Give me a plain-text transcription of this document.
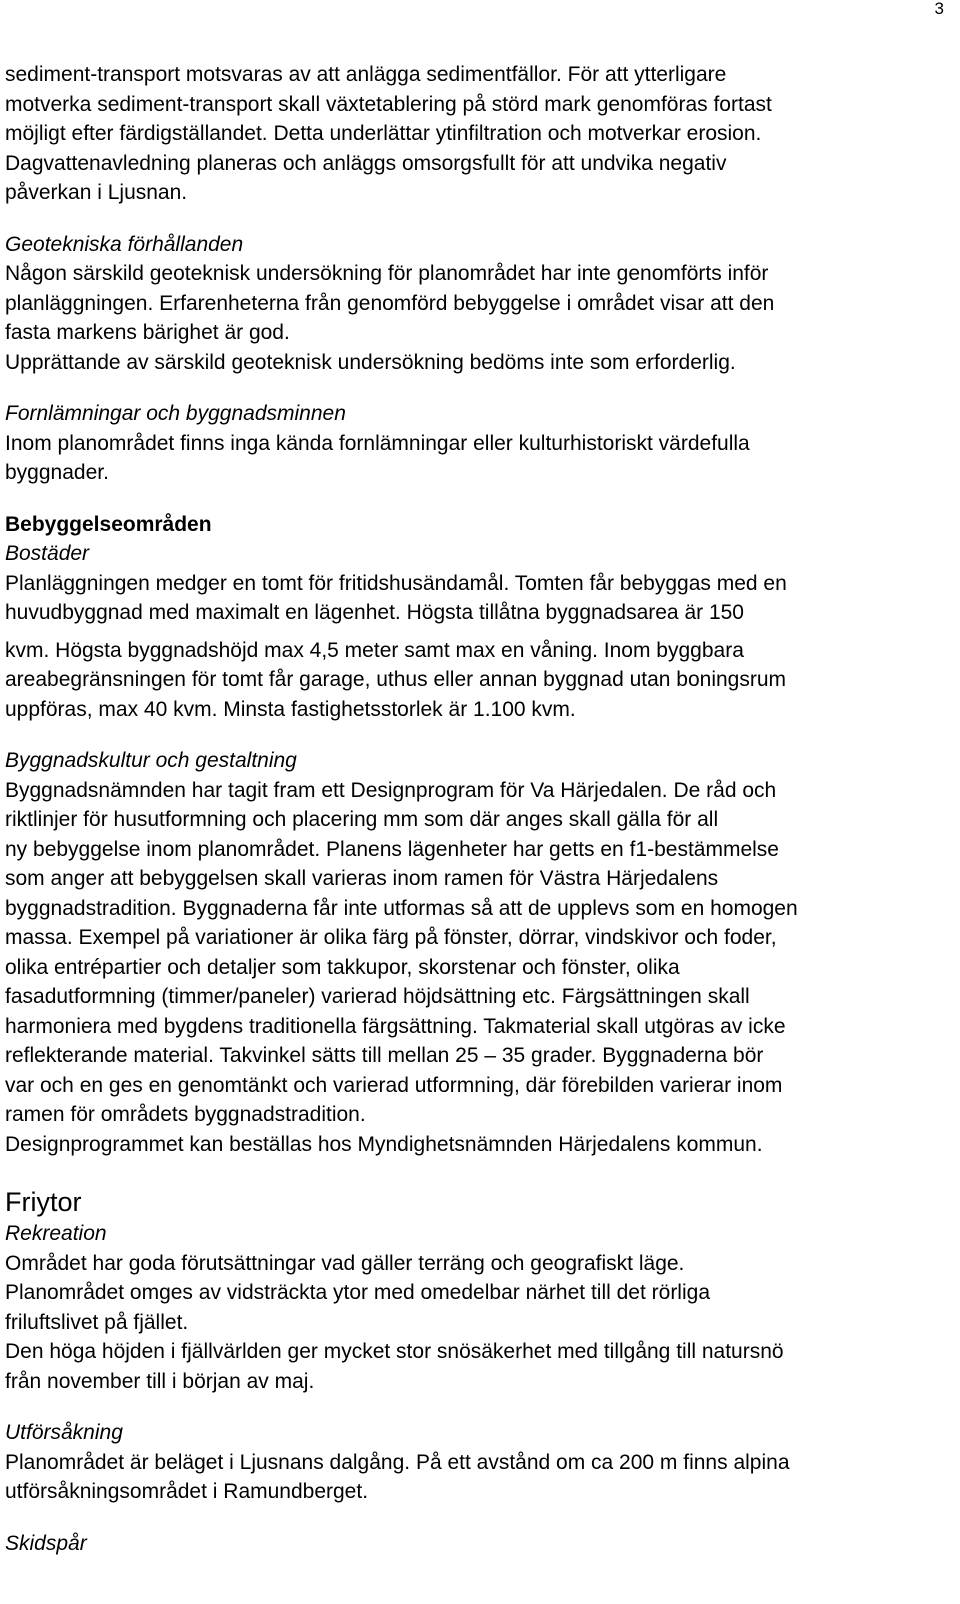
3
sediment-transport motsvaras av att anlägga sedimentfällor. För att ytterligare
motverka sediment-transport skall växtetablering på störd mark genomföras fortast
möjligt efter färdigställandet. Detta underlättar ytinfiltration och motverkar erosion.
Dagvattenavledning planeras och anläggs omsorgsfullt för att undvika negativ
påverkan i Ljusnan.
Geotekniska förhållanden
Någon särskild geoteknisk undersökning för planområdet har inte genomförts inför
planläggningen. Erfarenheterna från genomförd bebyggelse i området visar att den
fasta markens bärighet är god.
Upprättande av särskild geoteknisk undersökning bedöms inte som erforderlig.
Fornlämningar och byggnadsminnen
Inom planområdet finns inga kända fornlämningar eller kulturhistoriskt värdefulla
byggnader.
Bebyggelseområden
Bostäder
Planläggningen medger en tomt för fritidshusändamål. Tomten får bebyggas med en
huvudbyggnad med maximalt en lägenhet. Högsta tillåtna byggnadsarea är 150
kvm. Högsta byggnadshöjd max 4,5 meter samt max en våning. Inom byggbara
areabegränsningen för tomt får garage, uthus eller annan byggnad utan boningsrum
uppföras, max 40 kvm. Minsta fastighetsstorlek är 1.100 kvm.
Byggnadskultur och gestaltning
Byggnadsnämnden har tagit fram ett Designprogram för Va Härjedalen. De råd och
riktlinjer för husutformning och placering mm som där anges skall gälla för all
ny bebyggelse inom planområdet. Planens lägenheter har getts en f1-bestämmelse
som anger att bebyggelsen skall varieras inom ramen för Västra Härjedalens
byggnadstradition. Byggnaderna får inte utformas så att de upplevs som en homogen
massa. Exempel på variationer är olika färg på fönster, dörrar, vindskivor och foder,
olika entrépartier och detaljer som takkupor, skorstenar och fönster, olika
fasadutformning (timmer/paneler) varierad höjdsättning etc. Färgsättningen skall
harmoniera med bygdens traditionella färgsättning. Takmaterial skall utgöras av icke
reflekterande material. Takvinkel sätts till mellan 25 – 35 grader. Byggnaderna bör
var och en ges en genomtänkt och varierad utformning, där förebilden varierar inom
ramen för områdets byggnadstradition.
Designprogrammet kan beställas hos Myndighetsnämnden Härjedalens kommun.
Friytor
Rekreation
Området har goda förutsättningar vad gäller terräng och geografiskt läge.
Planområdet omges av vidsträckta ytor med omedelbar närhet till det rörliga
friluftslivet på fjället.
Den höga höjden i fjällvärlden ger mycket stor snösäkerhet med tillgång till natursnö
från november till i början av maj.
Utförsåkning
Planområdet är beläget i Ljusnans dalgång. På ett avstånd om ca 200 m finns alpina
utförsåkningsområdet i Ramundberget.
Skidspår
